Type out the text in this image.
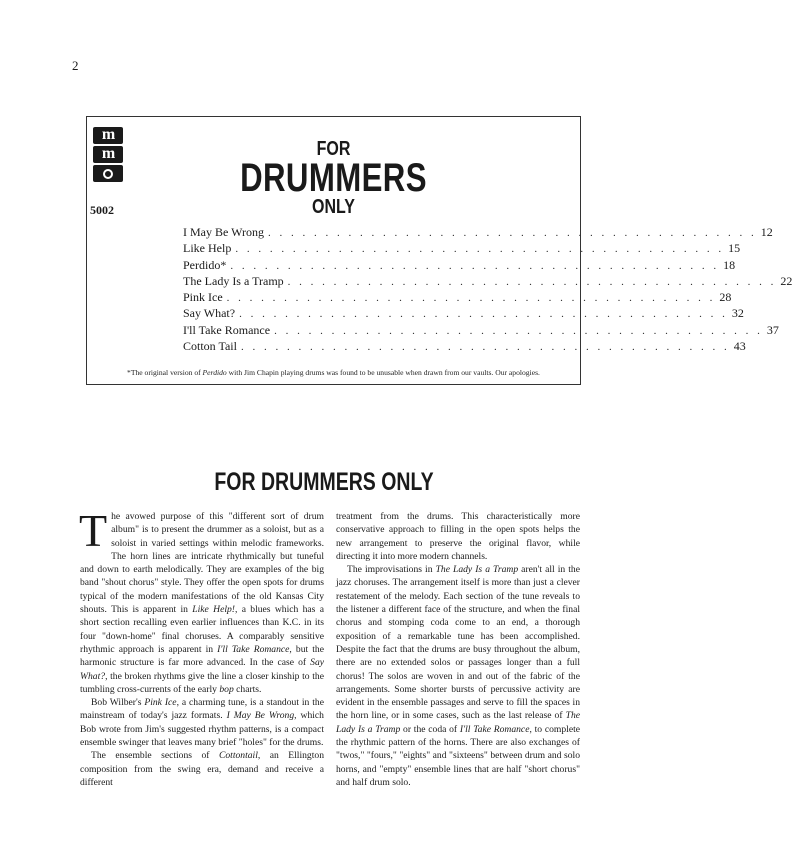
2
m
m
5002
FOR
DRUMMERS
ONLY
I May Be Wrong . . . . . . . . . . . . . . . . . . . . . . . . . . . . . . . . . . . . . . . . . . . 12
Like Help . . . . . . . . . . . . . . . . . . . . . . . . . . . . . . . . . . . . . . . . . . . 15
Perdido* . . . . . . . . . . . . . . . . . . . . . . . . . . . . . . . . . . . . . . . . . . . 18
The Lady Is a Tramp . . . . . . . . . . . . . . . . . . . . . . . . . . . . . . . . . . . . . . . . . . . 22
Pink Ice . . . . . . . . . . . . . . . . . . . . . . . . . . . . . . . . . . . . . . . . . . . 28
Say What? . . . . . . . . . . . . . . . . . . . . . . . . . . . . . . . . . . . . . . . . . . . 32
I'll Take Romance . . . . . . . . . . . . . . . . . . . . . . . . . . . . . . . . . . . . . . . . . . . 37
Cotton Tail . . . . . . . . . . . . . . . . . . . . . . . . . . . . . . . . . . . . . . . . . . . 43
*The original version of Perdido with Jim Chapin playing drums was found to be unusable when drawn from our vaults. Our apologies.
FOR DRUMMERS ONLY

The avowed purpose of this "different sort of drum album" is to present the drummer as a soloist, but as a soloist in varied settings within melodic frameworks. The horn lines are intricate rhythmically but tuneful and down to earth melodically. They are examples of the big band "shout chorus" style. They offer the open spots for drums typical of the modern manifestations of the old Kansas City shouts. This is apparent in Like Help!, a blues which has a short section recalling even earlier influences than K.C. in its four "down-home" final choruses. A comparably sensitive rhythmic approach is apparent in I'll Take Romance, but the harmonic structure is far more advanced. In the case of Say What?, the broken rhythms give the line a closer kinship to the tumbling cross-currents of the early bop charts.

Bob Wilber's Pink Ice, a charming tune, is a standout in the mainstream of today's jazz formats. I May Be Wrong, which Bob wrote from Jim's suggested rhythm patterns, is a compact ensemble swinger that leaves many brief "holes" for the drums.

The ensemble sections of Cottontail, an Ellington composition from the swing era, demand and receive a different

treatment from the drums. This characteristically more conservative approach to filling in the open spots helps the new arrangement to preserve the original flavor, while directing it into more modern channels.

The improvisations in The Lady Is a Tramp aren't all in the jazz choruses. The arrangement itself is more than just a clever restatement of the melody. Each section of the tune reveals to the listener a different face of the structure, and when the final chorus and stomping coda come to an end, a thorough exposition of a remarkable tune has been accomplished. Despite the fact that the drums are busy throughout the album, there are no extended solos or passages longer than a full chorus! The solos are woven in and out of the fabric of the arrangements. Some shorter bursts of percussive activity are evident in the ensemble passages and serve to fill the spaces in the horn line, or in some cases, such as the last release of The Lady Is a Tramp or the coda of I'll Take Romance, to complete the rhythmic pattern of the horns. There are also exchanges of "twos," "fours," "eights" and "sixteens" between drum and solo horns, and "empty" ensemble lines that are half "short chorus" and half drum solo.
